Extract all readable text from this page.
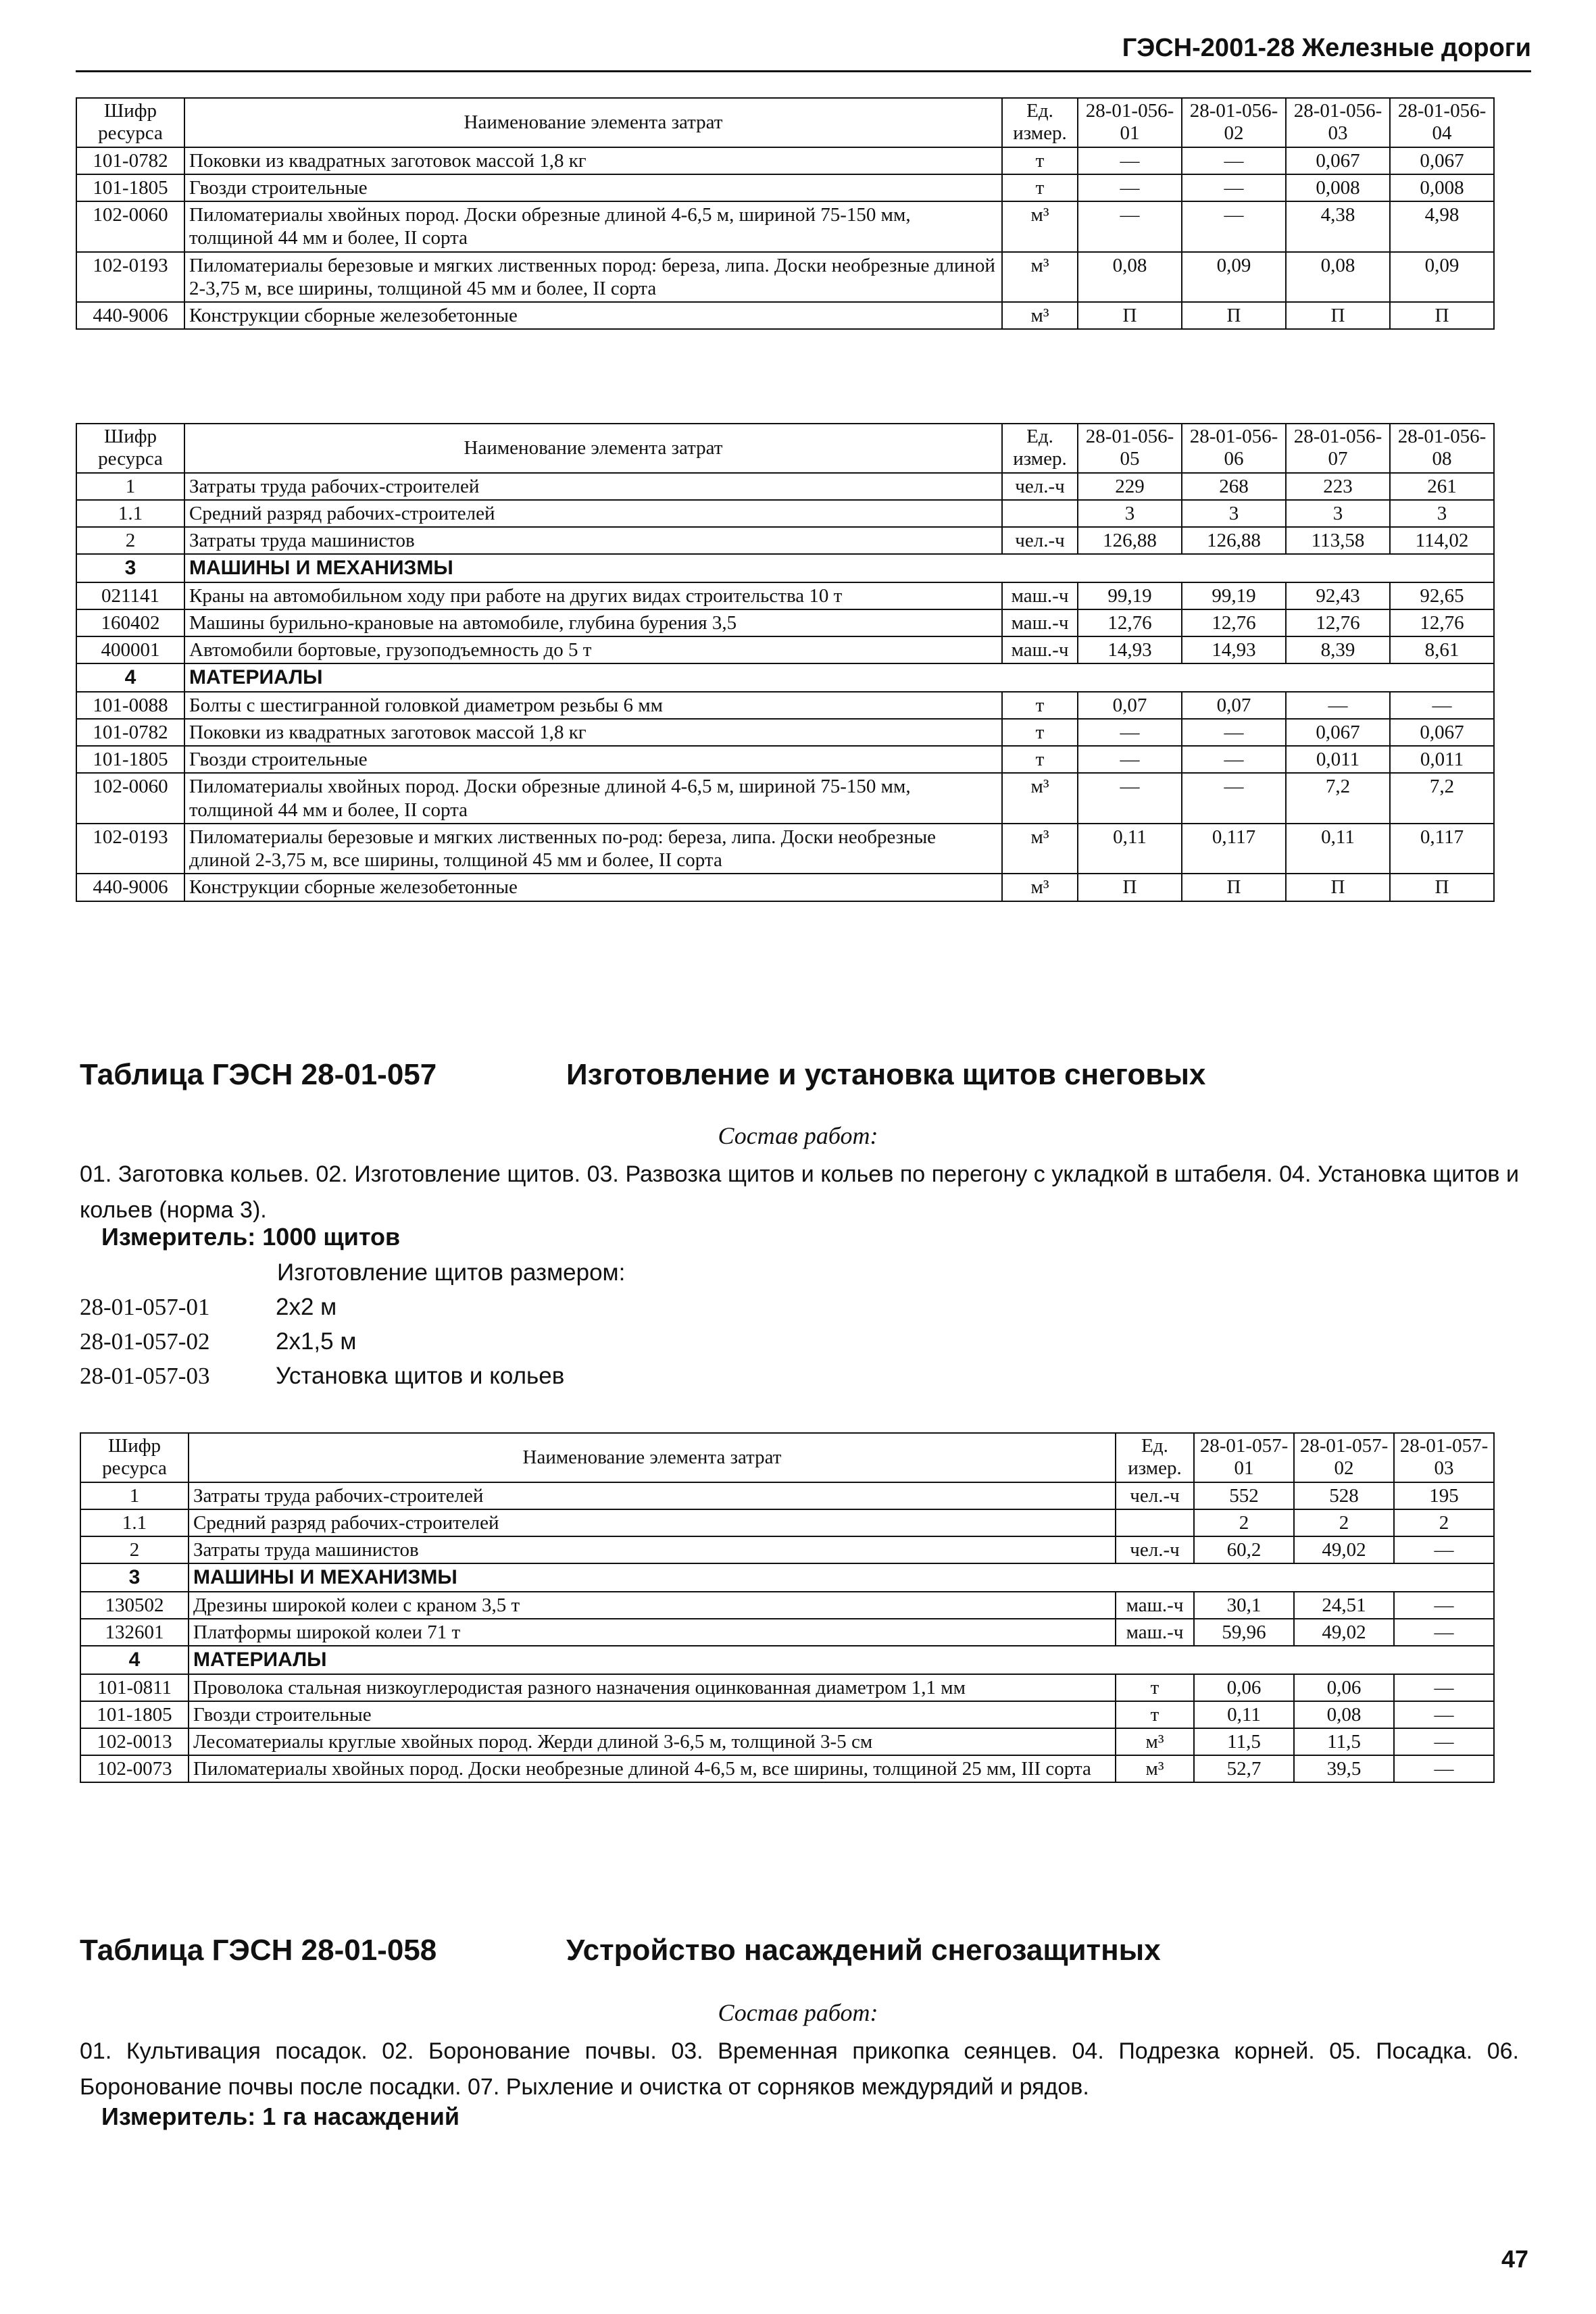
ГЭСН-2001-28 Железные дороги
Шифр ресурса	Наименование элемента затрат	Ед. измер.	28-01-056-01	28-01-056-02	28-01-056-03	28-01-056-04
101-0782	Поковки из квадратных заготовок массой 1,8 кг	т	—	—	0,067	0,067
101-1805	Гвозди строительные	т	—	—	0,008	0,008
102-0060	Пиломатериалы хвойных пород. Доски обрезные длиной 4-6,5 м, шириной 75-150 мм, толщиной 44 мм и более, II сорта	м³	—	—	4,38	4,98
102-0193	Пиломатериалы березовые и мягких лиственных пород: береза, липа. Доски необрезные длиной 2-3,75 м, все ширины, толщиной 45 мм и более, II сорта	м³	0,08	0,09	0,08	0,09
440-9006	Конструкции сборные железобетонные	м³	П	П	П	П
Шифр ресурса	Наименование элемента затрат	Ед. измер.	28-01-056-05	28-01-056-06	28-01-056-07	28-01-056-08
1	Затраты труда рабочих-строителей	чел.-ч	229	268	223	261
1.1	Средний разряд рабочих-строителей		3	3	3	3
2	Затраты труда машинистов	чел.-ч	126,88	126,88	113,58	114,02
3	МАШИНЫ И МЕХАНИЗМЫ					
021141	Краны на автомобильном ходу при работе на других видах строительства 10 т	маш.-ч	99,19	99,19	92,43	92,65
160402	Машины бурильно-крановые на автомобиле, глубина бурения 3,5	маш.-ч	12,76	12,76	12,76	12,76
400001	Автомобили бортовые, грузоподъемность до 5 т	маш.-ч	14,93	14,93	8,39	8,61
4	МАТЕРИАЛЫ					
101-0088	Болты с шестигранной головкой диаметром резьбы 6 мм	т	0,07	0,07	—	—
101-0782	Поковки из квадратных заготовок массой 1,8 кг	т	—	—	0,067	0,067
101-1805	Гвозди строительные	т	—	—	0,011	0,011
102-0060	Пиломатериалы хвойных пород. Доски обрезные длиной 4-6,5 м, шириной 75-150 мм, толщиной 44 мм и более, II сорта	м³	—	—	7,2	7,2
102-0193	Пиломатериалы березовые и мягких лиственных по-род: береза, липа. Доски необрезные длиной 2-3,75 м, все ширины, толщиной 45 мм и более, II сорта	м³	0,11	0,117	0,11	0,117
440-9006	Конструкции сборные железобетонные	м³	П	П	П	П
Таблица ГЭСН 28-01-057	Изготовление и установка щитов снеговых
Состав работ:
01. Заготовка кольев. 02. Изготовление щитов. 03. Развозка щитов и кольев по перегону с укладкой в штабеля. 04. Установка щитов и кольев (норма 3).
Измеритель: 1000 щитов
Изготовление щитов размером:
28-01-057-01	2х2 м
28-01-057-02	2х1,5 м
28-01-057-03	Установка щитов и кольев
Шифр ресурса	Наименование элемента затрат	Ед. измер.	28-01-057-01	28-01-057-02	28-01-057-03
1	Затраты труда рабочих-строителей	чел.-ч	552	528	195
1.1	Средний разряд рабочих-строителей		2	2	2
2	Затраты труда машинистов	чел.-ч	60,2	49,02	—
3	МАШИНЫ И МЕХАНИЗМЫ				
130502	Дрезины широкой колеи с краном 3,5 т	маш.-ч	30,1	24,51	—
132601	Платформы широкой колеи 71 т	маш.-ч	59,96	49,02	—
4	МАТЕРИАЛЫ				
101-0811	Проволока стальная низкоуглеродистая разного назначения оцинкованная диаметром 1,1 мм	т	0,06	0,06	—
101-1805	Гвозди строительные	т	0,11	0,08	—
102-0013	Лесоматериалы круглые хвойных пород. Жерди длиной 3-6,5 м, толщиной 3-5 см	м³	11,5	11,5	—
102-0073	Пиломатериалы хвойных пород. Доски необрезные длиной 4-6,5 м, все ширины, толщиной 25 мм, III сорта	м³	52,7	39,5	—
Таблица ГЭСН 28-01-058	Устройство насаждений снегозащитных
Состав работ:
01. Культивация посадок. 02. Боронование почвы. 03. Временная прикопка сеянцев. 04. Подрезка корней. 05. Посадка. 06. Боронование почвы после посадки. 07. Рыхление и очистка от сорняков междурядий и рядов.
Измеритель: 1 га насаждений
47
